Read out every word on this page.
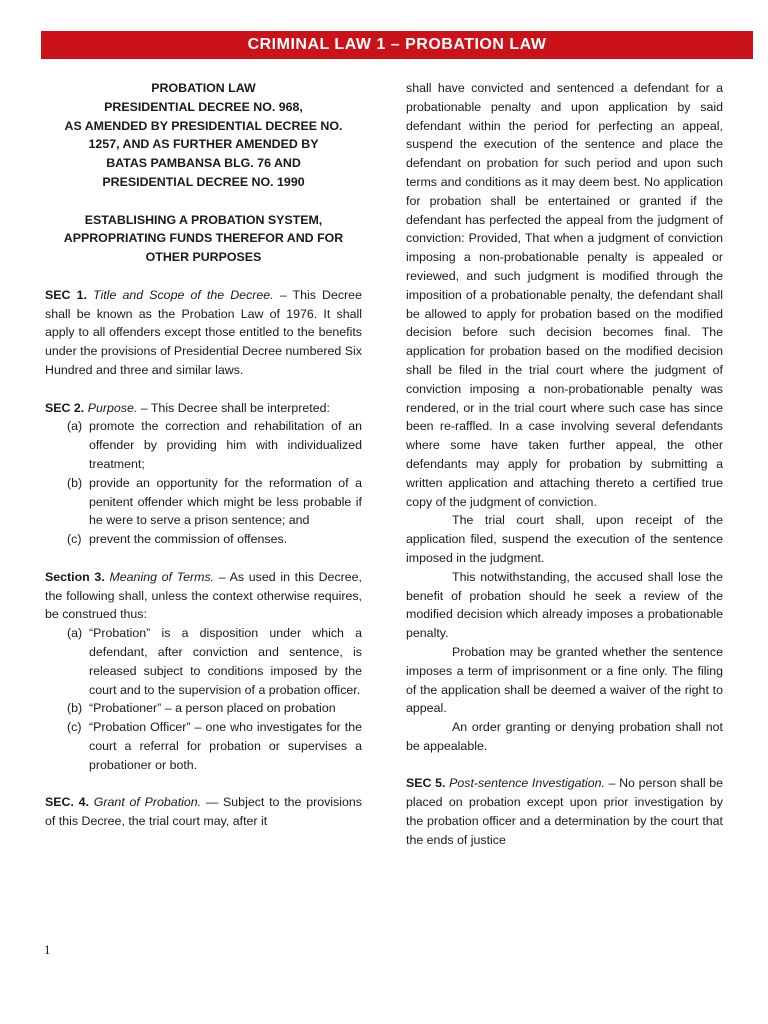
CRIMINAL LAW 1 – PROBATION LAW
PROBATION LAW
PRESIDENTIAL DECREE NO. 968,
AS AMENDED BY PRESIDENTIAL DECREE NO.
1257, AND AS FURTHER AMENDED BY
BATAS PAMBANSA BLG. 76 AND
PRESIDENTIAL DECREE NO. 1990
ESTABLISHING A PROBATION SYSTEM,
APPROPRIATING FUNDS THEREFOR AND FOR
OTHER PURPOSES

SEC 1. Title and Scope of the Decree. – This Decree shall be known as the Probation Law of 1976. It shall apply to all offenders except those entitled to the benefits under the provisions of Presidential Decree numbered Six Hundred and three and similar laws.

SEC 2. Purpose. – This Decree shall be interpreted:

(a) promote the correction and rehabilitation of an offender by providing him with individualized treatment;
(b) provide an opportunity for the reformation of a penitent offender which might be less probable if he were to serve a prison sentence; and
(c) prevent the commission of offenses.

Section 3. Meaning of Terms. – As used in this Decree, the following shall, unless the context otherwise requires, be construed thus:

(a) “Probation” is a disposition under which a defendant, after conviction and sentence, is released subject to conditions imposed by the court and to the supervision of a probation officer.
(b) “Probationer” – a person placed on probation
(c) “Probation Officer” – one who investigates for the court a referral for probation or supervises a probationer or both.

SEC. 4. Grant of Probation. — Subject to the provisions of this Decree, the trial court may, after it

shall have convicted and sentenced a defendant for a probationable penalty and upon application by said defendant within the period for perfecting an appeal, suspend the execution of the sentence and place the defendant on probation for such period and upon such terms and conditions as it may deem best. No application for probation shall be entertained or granted if the defendant has perfected the appeal from the judgment of conviction: Provided, That when a judgment of conviction imposing a non-probationable penalty is appealed or reviewed, and such judgment is modified through the imposition of a probationable penalty, the defendant shall be allowed to apply for probation based on the modified decision before such decision becomes final. The application for probation based on the modified decision shall be filed in the trial court where the judgment of conviction imposing a non-probationable penalty was rendered, or in the trial court where such case has since been re-raffled. In a case involving several defendants where some have taken further appeal, the other defendants may apply for probation by submitting a written application and attaching thereto a certified true copy of the judgment of conviction.

The trial court shall, upon receipt of the application filed, suspend the execution of the sentence imposed in the judgment.

This notwithstanding, the accused shall lose the benefit of probation should he seek a review of the modified decision which already imposes a probationable penalty.

Probation may be granted whether the sentence imposes a term of imprisonment or a fine only. The filing of the application shall be deemed a waiver of the right to appeal.

An order granting or denying probation shall not be appealable.

SEC 5. Post-sentence Investigation. – No person shall be placed on probation except upon prior investigation by the probation officer and a determination by the court that the ends of justice

1
